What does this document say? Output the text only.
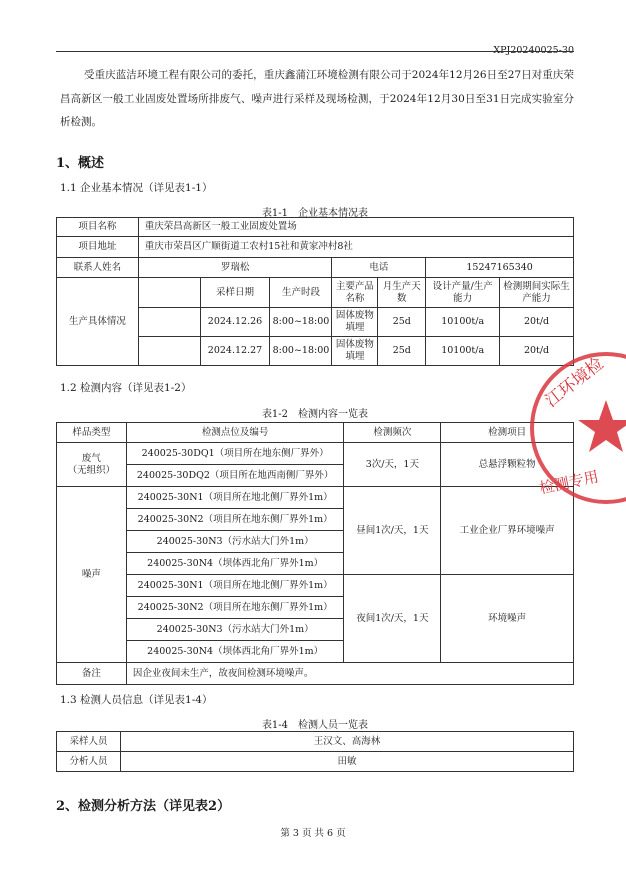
XPJ20240025-30
受重庆蓝洁环境工程有限公司的委托，重庆鑫蒲江环境检测有限公司于2024年12月26日至27日对重庆荣昌高新区一般工业固废处置场所排废气、噪声进行采样及现场检测，于2024年12月30日至31日完成实验室分析检测。
1、概述
1.1 企业基本情况（详见表1-1）
表1-1　企业基本情况表
项目名称	重庆荣昌高新区一般工业固废处置场						
项目地址	重庆市荣昌区广顺街道工农村15社和黄家冲村8社						
联系人姓名	罗瑞松			电话		15247165340	
生产具体情况		采样日期	生产时段	主要产品名称	月生产天数	设计产量/生产能力	检测期间实际生产能力
		2024.12.26	8:00~18:00	固体废物填埋	25d	10100t/a	20t/d
		2024.12.27	8:00~18:00	固体废物填埋	25d	10100t/a	20t/d
1.2 检测内容（详见表1-2）
表1-2　检测内容一览表
样品类型	检测点位及编号	检测频次	检测项目
废气
（无组织）	240025-30DQ1（项目所在地东侧厂界外）	3次/天，1天	总悬浮颗粒物
	240025-30DQ2（项目所在地西南侧厂界外）		
噪声	240025-30N1（项目所在地北侧厂界外1m）	昼间1次/天，1天	工业企业厂界环境噪声
	240025-30N2（项目所在地东侧厂界外1m）		
	240025-30N3（污水站大门外1m）		
	240025-30N4（坝体西北角厂界外1m）		
	240025-30N1（项目所在地北侧厂界外1m）	夜间1次/天，1天	环境噪声
	240025-30N2（项目所在地东侧厂界外1m）		
	240025-30N3（污水站大门外1m）		
	240025-30N4（坝体西北角厂界外1m）		
备注	因企业夜间未生产，故夜间检测环境噪声。		
1.3 检测人员信息（详见表1-4）
表1-4　检测人员一览表
采样人员	王汉文、高海林
分析人员	田敏
2、检测分析方法（详见表2）
第 3 页 共 6 页
江环境检
检测专用
